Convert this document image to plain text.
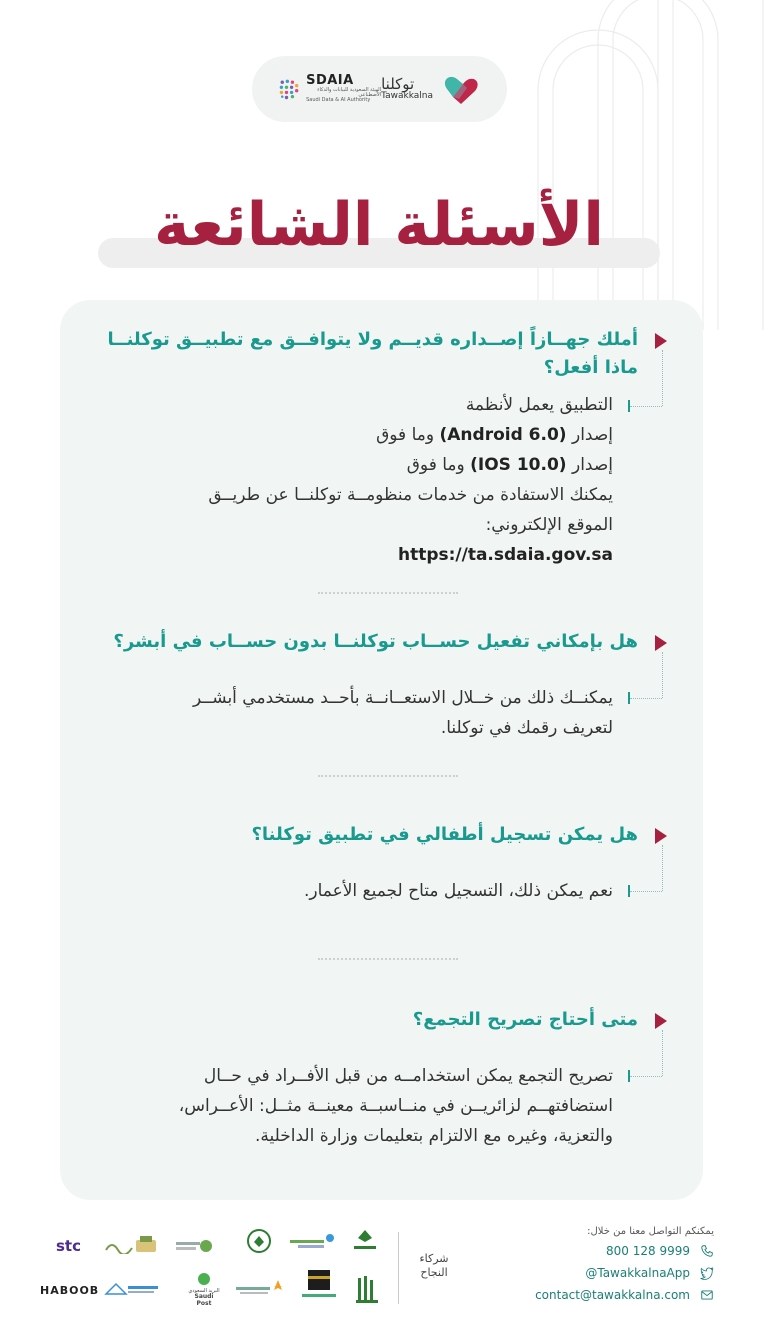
SDAIA
الهيئة السعودية للبيانات والذكاء الاصطناعي
Saudi Data & AI Authority
توكلنا
Tawakkalna
الأسئلة الشائعة
أملك جهــازاً إصــداره قديــم ولا يتوافــق مع تطبيــق توكلنــا
ماذا أفعل؟
التطبيق يعمل لأنظمة
إصدار (Android 6.0) وما فوق
إصدار (IOS 10.0) وما فوق
يمكنك الاستفادة من خدمات منظومــة توكلنــا عن طريــق
الموقع الإلكتروني:
https://ta.sdaia.gov.sa
هل بإمكاني تفعيل حســاب توكلنــا بدون حســاب في أبشر؟
يمكنــك ذلك من خــلال الاستعــانــة بأحــد مستخدمي أبشــر
لتعريف رقمك في توكلنا.
هل يمكن تسجيل أطفالي في تطبيق توكلنا؟
نعم يمكن ذلك، التسجيل متاح لجميع الأعمار.
متى أحتاج تصريح التجمع؟
تصريح التجمع يمكن استخدامــه من قبل الأفــراد في حــال
استضافتهــم لزائريــن في منــاسبــة معينــة مثــل: الأعــراس،
والتعزية، وغيره مع الالتزام بتعليمات وزارة الداخلية.
يمكنكم التواصل معنا من خلال:
800 128 9999
@TawakkalnaApp
contact@tawakkalna.com
شركاء
النجاح
stc
HABOOB	البريد السعودي
Saudi Post
